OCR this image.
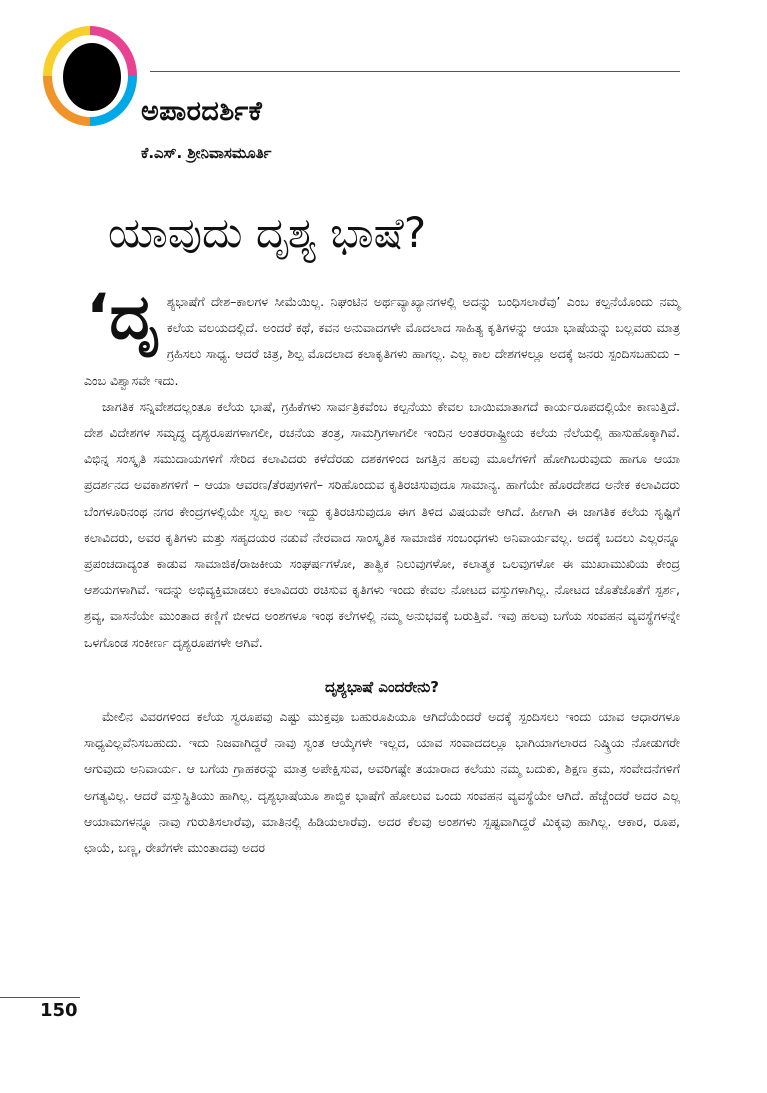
ಅಪಾರದರ್ಶಿಕೆ
ಕೆ.ಎಸ್. ಶ್ರೀನಿವಾಸಮೂರ್ತಿ
ಯಾವುದು ದೃಶ್ಯ ಭಾಷೆ?

‘ದೃಶ್ಯಭಾಷೆಗೆ ದೇಶ–ಕಾಲಗಳ ಸೀಮೆಯಿಲ್ಲ. ನಿಘಂಟಿನ ಅರ್ಥವ್ಯಾಖ್ಯಾನಗಳಲ್ಲಿ ಅದನ್ನು ಬಂಧಿಸಲಾರೆವು’ ಎಂಬ ಕಲ್ಪನೆಯೊಂದು ನಮ್ಮ ಕಲೆಯ ವಲಯದಲ್ಲಿದೆ. ಅಂದರೆ ಕಥೆ, ಕವನ ಅನುವಾದಗಳೇ ಮೊದಲಾದ ಸಾಹಿತ್ಯ ಕೃತಿಗಳನ್ನು ಆಯಾ ಭಾಷೆಯನ್ನು ಬಲ್ಲವರು ಮಾತ್ರ ಗ್ರಹಿಸಲು ಸಾಧ್ಯ. ಆದರೆ ಚಿತ್ರ, ಶಿಲ್ಪ ಮೊದಲಾದ ಕಲಾಕೃತಿಗಳು ಹಾಗಲ್ಲ. ಎಲ್ಲ ಕಾಲ ದೇಶಗಳಲ್ಲೂ ಅದಕ್ಕೆ ಜನರು ಸ್ಪಂದಿಸಬಹುದು – ಎಂಬ ವಿಶ್ವಾಸವೇ ಇದು.

ಜಾಗತಿಕ ಸನ್ನಿವೇಶದಲ್ಲಂತೂ ಕಲೆಯ ಭಾಷೆ, ಗ್ರಹಿಕೆಗಳು ಸಾರ್ವತ್ರಿಕವೆಂಬ ಕಲ್ಪನೆಯು ಕೇವಲ ಬಾಯಿಮಾತಾಗದೆ ಕಾರ್ಯರೂಪದಲ್ಲಿಯೇ ಕಾಣುತ್ತಿದೆ. ದೇಶ ವಿದೇಶಗಳ ಸಮೃದ್ಧ ದೃಶ್ಯರೂಪಗಳಾಗಲೀ, ರಚನೆಯ ತಂತ್ರ, ಸಾಮಗ್ರಿಗಳಾಗಲೀ ಇಂದಿನ ಅಂತರರಾಷ್ಟ್ರೀಯ ಕಲೆಯ ನೆಲೆಯಲ್ಲಿ ಹಾಸುಹೊಕ್ಕಾಗಿವೆ. ವಿಭಿನ್ನ ಸಂಸ್ಕೃತಿ ಸಮುದಾಯಗಳಿಗೆ ಸೇರಿದ ಕಲಾವಿದರು ಕಳೆದೆರಡು ದಶಕಗಳಿಂದ ಜಗತ್ತಿನ ಹಲವು ಮೂಲೆಗಳಿಗೆ ಹೋಗಿಬರುವುದು ಹಾಗೂ ಆಯಾ ಪ್ರದರ್ಶನದ ಅವಕಾಶಗಳಿಗೆ – ಆಯಾ ಆವರಣ/ತೆರಪುಗಳಿಗೆ– ಸರಿಹೊಂದುವ ಕೃತಿರಚಿಸುವುದೂ ಸಾಮಾನ್ಯ. ಹಾಗೆಯೇ ಹೊರದೇಶದ ಅನೇಕ ಕಲಾವಿದರು ಬೆಂಗಳೂರಿನಂಥ ನಗರ ಕೇಂದ್ರಗಳಲ್ಲಿಯೇ ಸ್ವಲ್ಪ ಕಾಲ ಇದ್ದು ಕೃತಿರಚಿಸುವುದೂ ಈಗ ತಿಳಿದ ವಿಷಯವೇ ಆಗಿದೆ. ಹೀಗಾಗಿ ಈ ಜಾಗತಿಕ ಕಲೆಯ ಸೃಷ್ಟಿಗೆ ಕಲಾವಿದರು, ಅವರ ಕೃತಿಗಳು ಮತ್ತು ಸಹೃದಯರ ನಡುವೆ ನೇರವಾದ ಸಾಂಸ್ಕೃತಿಕ ಸಾಮಾಜಿಕ ಸಂಬಂಧಗಳು ಅನಿವಾರ್ಯವಲ್ಲ. ಅದಕ್ಕೆ ಬದಲು ಎಲ್ಲರನ್ನೂ ಪ್ರಪಂಚದಾದ್ಯಂತ ಕಾಡುವ ಸಾಮಾಜಿಕ/ರಾಜಕೀಯ ಸಂಘರ್ಷಗಳೋ, ತಾತ್ವಿಕ ನಿಲುವುಗಳೋ, ಕಲಾತ್ಮಕ ಒಲವುಗಳೋ ಈ ಮುಖಾಮುಖಿಯ ಕೇಂದ್ರ ಆಶಯಗಳಾಗಿವೆ. ಇದನ್ನು ಅಭಿವ್ಯಕ್ತಿಮಾಡಲು ಕಲಾವಿದರು ರಚಿಸುವ ಕೃತಿಗಳು ಇಂದು ಕೇವಲ ನೋಟದ ವಸ್ತುಗಳಾಗಿಲ್ಲ. ನೋಟದ ಜೊತೆಜೊತೆಗೆ ಸ್ಪರ್ಶ, ಶ್ರವ್ಯ, ವಾಸನೆಯೇ ಮುಂತಾದ ಕಣ್ಣಿಗೆ ಬೀಳದ ಅಂಶಗಳೂ ಇಂಥ ಕಲೆಗಳಲ್ಲಿ ನಮ್ಮ ಅನುಭವಕ್ಕೆ ಬರುತ್ತಿವೆ. ಇವು ಹಲವು ಬಗೆಯ ಸಂವಹನ ವ್ಯವಸ್ಥೆಗಳನ್ನೇ ಒಳಗೊಂಡ ಸಂಕೀರ್ಣ ದೃಶ್ಯರೂಪಗಳೇ ಆಗಿವೆ.

ದೃಶ್ಯಭಾಷೆ ಎಂದರೇನು?

ಮೇಲಿನ ವಿವರಗಳಿಂದ ಕಲೆಯ ಸ್ವರೂಪವು ಎಷ್ಟು ಮುಕ್ತವೂ ಬಹುರೂಪಿಯೂ ಆಗಿದೆಯೆಂದರೆ ಅದಕ್ಕೆ ಸ್ಪಂದಿಸಲು ಇಂದು ಯಾವ ಆಧಾರಗಳೂ ಸಾಧ್ಯವಿಲ್ಲವೆನಿಸಬಹುದು. ಇದು ನಿಜವಾಗಿದ್ದರೆ ನಾವು ಸ್ವಂತ ಆಯ್ಕೆಗಳೇ ಇಲ್ಲದ, ಯಾವ ಸಂವಾದದಲ್ಲೂ ಭಾಗಿಯಾಗಲಾರದ ನಿಷ್ಕ್ರಿಯ ನೋಡುಗರೇ ಆಗುವುದು ಅನಿವಾರ್ಯ. ಆ ಬಗೆಯ ಗ್ರಾಹಕರನ್ನು ಮಾತ್ರ ಅಪೇಕ್ಷಿಸುವ, ಅವರಿಗಷ್ಟೇ ತಯಾರಾದ ಕಲೆಯು ನಮ್ಮ ಬದುಕು, ಶಿಕ್ಷಣ ಕ್ರಮ, ಸಂವೇದನೆಗಳಿಗೆ ಅಗತ್ಯವಿಲ್ಲ. ಆದರೆ ವಸ್ತುಸ್ಥಿತಿಯು ಹಾಗಿಲ್ಲ. ದೃಶ್ಯಭಾಷೆಯೂ ಶಾಬ್ದಿಕ ಭಾಷೆಗೆ ಹೋಲುವ ಒಂದು ಸಂವಹನ ವ್ಯವಸ್ಥೆಯೇ ಆಗಿದೆ. ಹೆಚ್ಚೆಂದರೆ ಅದರ ಎಲ್ಲ ಆಯಾಮಗಳನ್ನೂ ನಾವು ಗುರುತಿಸಲಾರೆವು, ಮಾತಿನಲ್ಲಿ ಹಿಡಿಯಲಾರೆವು. ಅದರ ಕೆಲವು ಅಂಶಗಳು ಸ್ಪಷ್ಟವಾಗಿದ್ದರೆ ಮಿಕ್ಕವು ಹಾಗಿಲ್ಲ. ಆಕಾರ, ರೂಪ, ಛಾಯೆ, ಬಣ್ಣ, ರೇಖೆಗಳೇ ಮುಂತಾದವು ಅದರ

150
